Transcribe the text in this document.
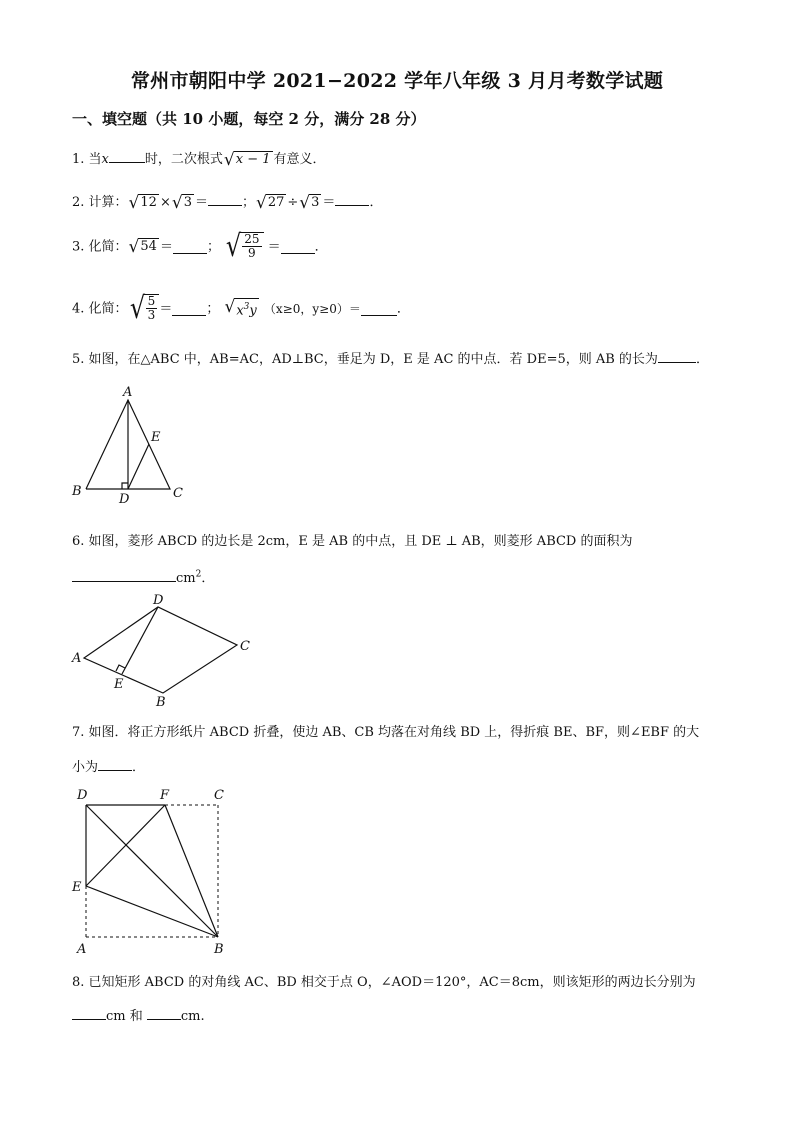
常州市朝阳中学 2021−2022 学年八年级 3 月月考数学试题
一、填空题（共 10 小题，每空 2 分，满分 28 分）
1. 当x	时，二次根式 √ x − 1 有意义．
2. 计算： √ 12 × √ 3 ＝	； √ 27 ÷ √ 3 ＝	．
3. 化简： √ 54 ＝	； √ $\frac{25}{9}$ ＝	．
4. 化简： √ $\frac{5}{3}$ ＝	； √ $x^3y$ （x≥0，y≥0）＝	．
5. 如图，在△ABC 中，AB=AC，AD⊥BC，垂足为 D，E 是 AC 的中点．若 DE=5，则 AB 的长为	．
A
B	C
D
E
6. 如图，菱形 ABCD 的边长是 2cm，E 是 AB 的中点，且 DE ⊥ AB，则菱形 ABCD 的面积为
$cm^2$．
A
B
C
D
E
7. 如图．将正方形纸片 ABCD 折叠，使边 AB、CB 均落在对角线 BD 上，得折痕 BE、BF，则∠EBF 的大
小为	．
D	F	C
E
A	B
8. 已知矩形 ABCD 的对角线 AC、BD 相交于点 O，∠AOD＝120°，AC＝8cm，则该矩形的两边长分别为
cm 和	cm.
